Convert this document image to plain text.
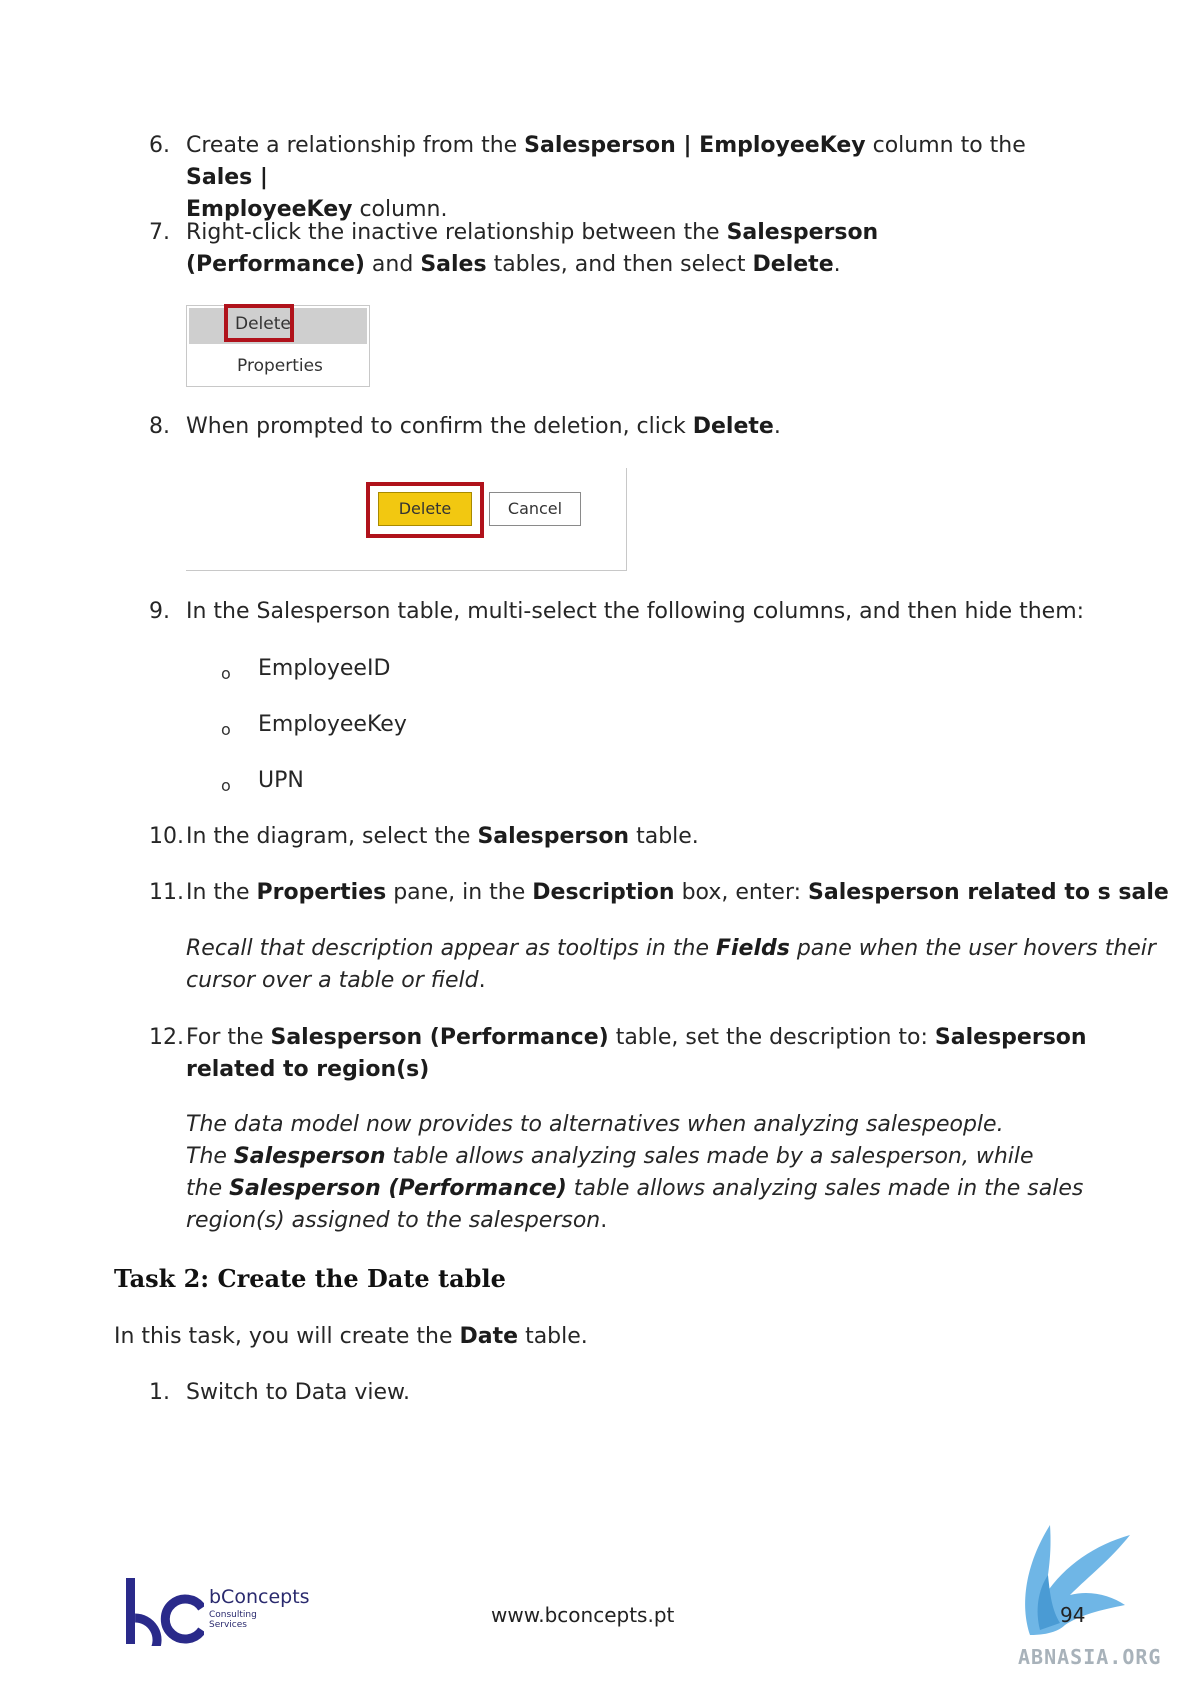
6. Create a relationship from the Salesperson | EmployeeKey column to the Sales |
EmployeeKey column.
7. Right-click the inactive relationship between the Salesperson
(Performance) and Sales tables, and then select Delete.
Delete
Properties
8. When prompted to confirm the deletion, click Delete.
Delete	Cancel
9. In the Salesperson table, multi-select the following columns, and then hide them:
o EmployeeID
o EmployeeKey
o UPN
10. In the diagram, select the Salesperson table.
11. In the Properties pane, in the Description box, enter: Salesperson related to s sale
Recall that description appear as tooltips in the Fields pane when the user hovers their
cursor over a table or field.
12. For the Salesperson (Performance) table, set the description to: Salesperson
related to region(s)
The data model now provides to alternatives when analyzing salespeople.
The Salesperson table allows analyzing sales made by a salesperson, while
the Salesperson (Performance) table allows analyzing sales made in the sales
region(s) assigned to the salesperson.
Task 2: Create the Date table
In this task, you will create the Date table.
1. Switch to Data view.
bConcepts
Consulting
Services	www.bconcepts.pt	94
ABNASIA.ORG
